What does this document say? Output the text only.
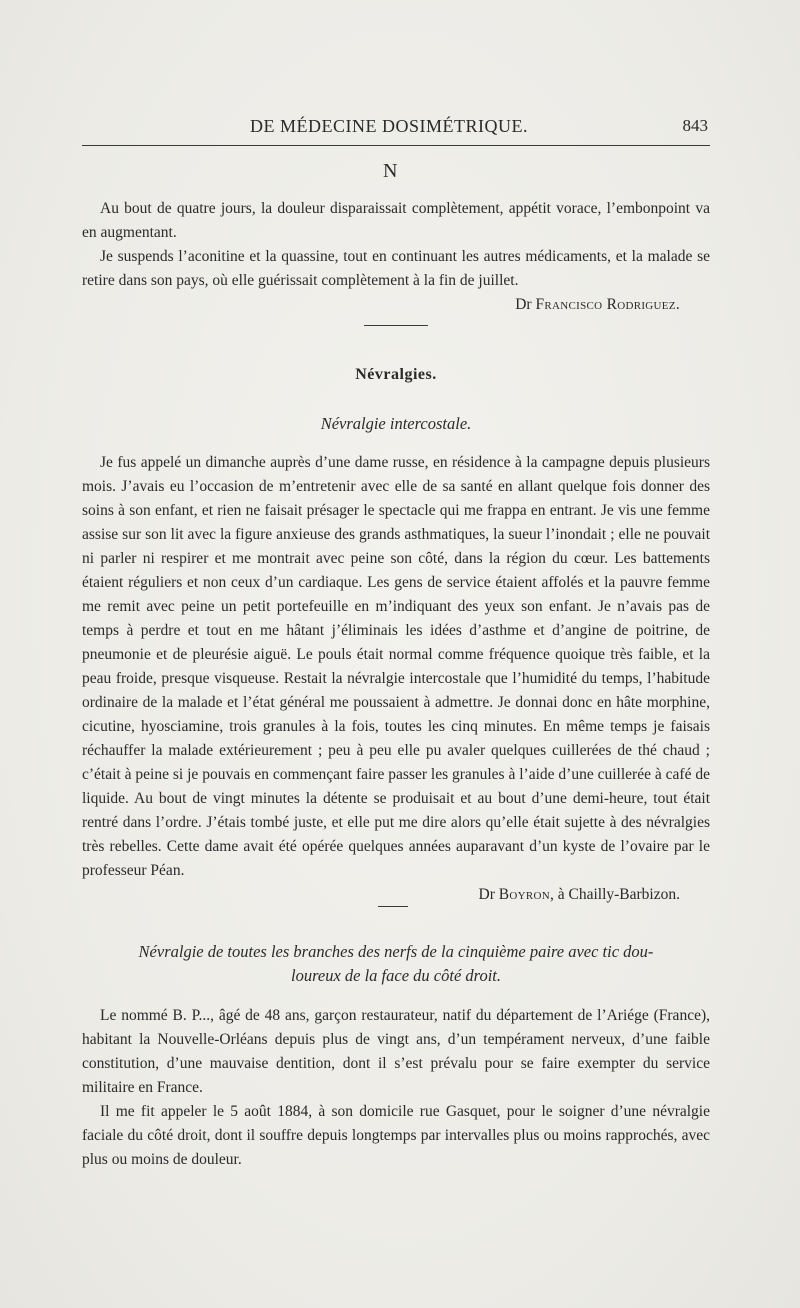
DE MÉDECINE DOSIMÉTRIQUE.	843
N

Au bout de quatre jours, la douleur disparaissait complètement, appétit vorace, l’embonpoint va en augmentant.

Je suspends l’aconitine et la quassine, tout en continuant les autres médicaments, et la malade se retire dans son pays, où elle guérissait complètement à la fin de juillet.

Dr Francisco Rodriguez.
Névralgies.
Névralgie intercostale.

Je fus appelé un dimanche auprès d’une dame russe, en résidence à la campagne depuis plusieurs mois. J’avais eu l’occasion de m’entretenir avec elle de sa santé en allant quelque fois donner des soins à son enfant, et rien ne faisait présager le spectacle qui me frappa en entrant. Je vis une femme assise sur son lit avec la figure anxieuse des grands asthmatiques, la sueur l’inondait ; elle ne pouvait ni parler ni respirer et me montrait avec peine son côté, dans la région du cœur. Les battements étaient réguliers et non ceux d’un cardiaque. Les gens de service étaient affolés et la pauvre femme me remit avec peine un petit portefeuille en m’indiquant des yeux son enfant. Je n’avais pas de temps à perdre et tout en me hâtant j’éliminais les idées d’asthme et d’angine de poitrine, de pneumonie et de pleurésie aiguë. Le pouls était normal comme fréquence quoique très faible, et la peau froide, presque visqueuse. Restait la névralgie intercostale que l’humidité du temps, l’habitude ordinaire de la malade et l’état général me poussaient à admettre. Je donnai donc en hâte morphine, cicutine, hyosciamine, trois granules à la fois, toutes les cinq minutes. En même temps je faisais réchauffer la malade extérieurement ; peu à peu elle pu avaler quelques cuillerées de thé chaud ; c’était à peine si je pouvais en commençant faire passer les granules à l’aide d’une cuillerée à café de liquide. Au bout de vingt minutes la détente se produisait et au bout d’une demi-heure, tout était rentré dans l’ordre. J’étais tombé juste, et elle put me dire alors qu’elle était sujette à des névralgies très rebelles. Cette dame avait été opérée quelques années auparavant d’un kyste de l’ovaire par le professeur Péan.

Dr Boyron, à Chailly-Barbizon.
Névralgie de toutes les branches des nerfs de la cinquième paire avec tic dou-
loureux de la face du côté droit.

Le nommé B. P..., âgé de 48 ans, garçon restaurateur, natif du département de l’Ariége (France), habitant la Nouvelle-Orléans depuis plus de vingt ans, d’un tempérament nerveux, d’une faible constitution, d’une mauvaise dentition, dont il s’est prévalu pour se faire exempter du service militaire en France.

Il me fit appeler le 5 août 1884, à son domicile rue Gasquet, pour le soigner d’une névralgie faciale du côté droit, dont il souffre depuis longtemps par intervalles plus ou moins rapprochés, avec plus ou moins de douleur.
